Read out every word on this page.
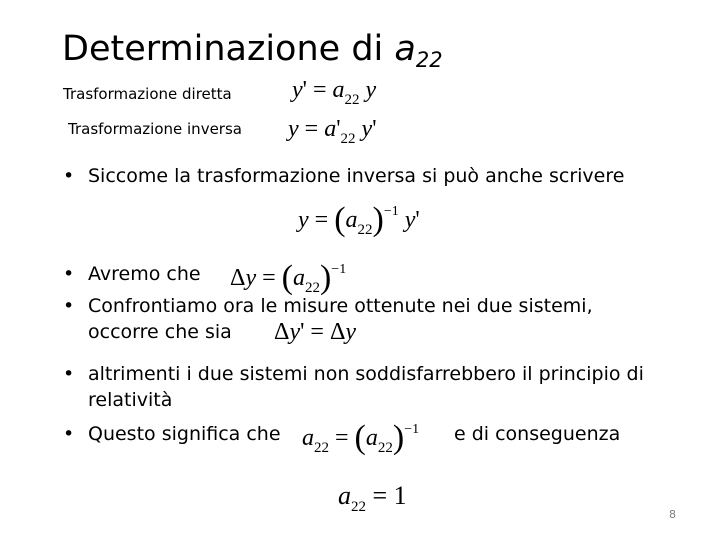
Determinazione di $a_{22}$
Trasformazione diretta
Trasformazione inversa
$y' = a_{22}$ y
$y = a'_{22}$ y'
• Siccome la trasformazione inversa si può anche scrivere
$y = (a_{22})^{-1}$ y'
• Avremo che $\Delta y = (a_{22})^{-1}$
• Confrontiamo ora le misure ottenute nei due sistemi,
occorre che sia Δy' = Δy
• altrimenti i due sistemi non soddisfarrebbero il principio di
relatività
• Questo significa che $a_{22} = (a_{22})^{-1}$ e di conseguenza
$a_{22} = 1$
8
